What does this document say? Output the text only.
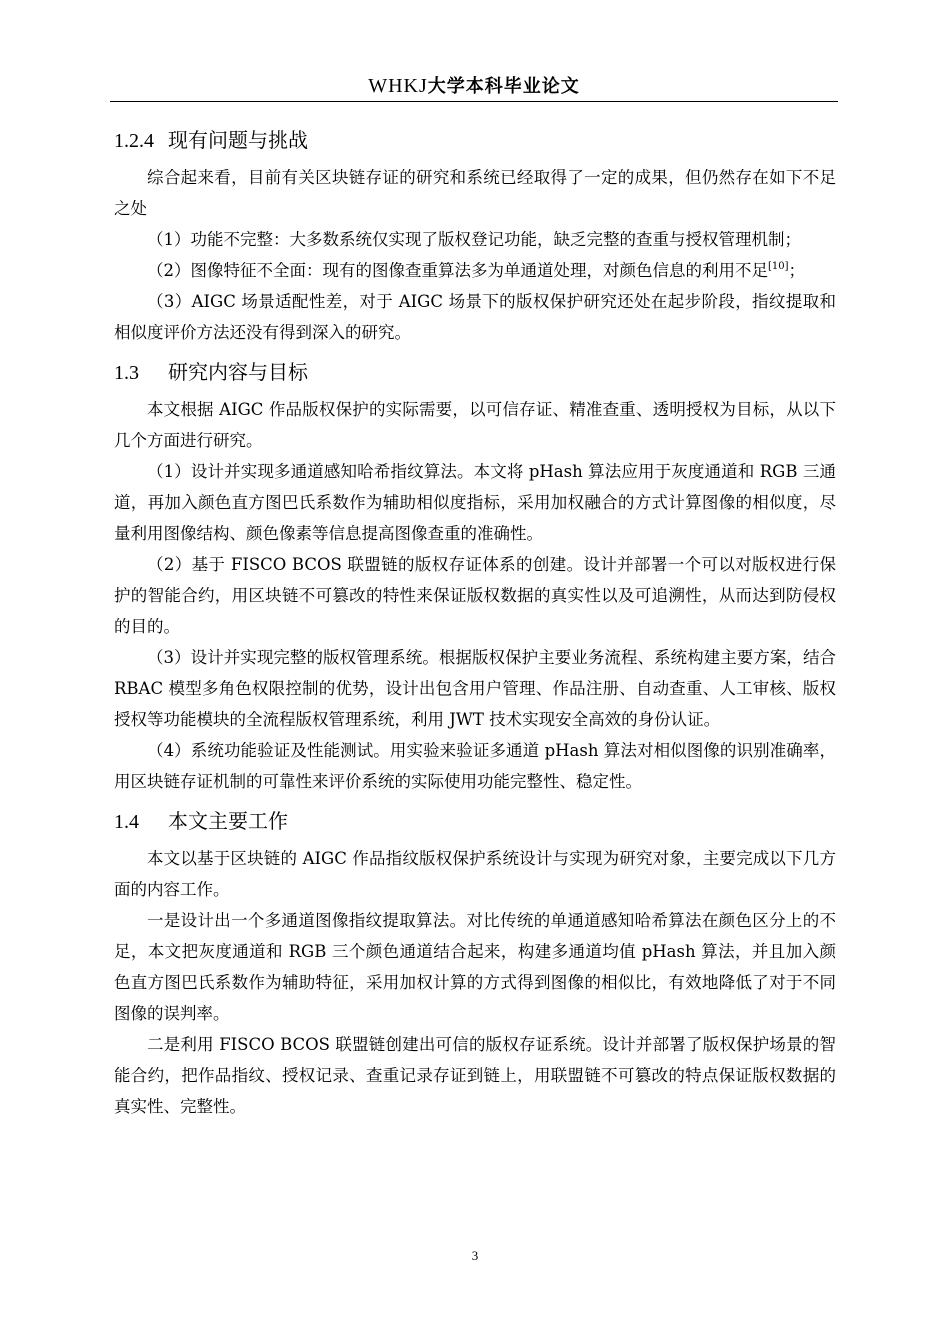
WHKJ大学本科毕业论文
1.2.4 现有问题与挑战

综合起来看，目前有关区块链存证的研究和系统已经取得了一定的成果，但仍然存在如下不足之处

（1）功能不完整：大多数系统仅实现了版权登记功能，缺乏完整的查重与授权管理机制；

（2）图像特征不全面：现有的图像查重算法多为单通道处理，对颜色信息的利用不足[10]；

（3）AIGC 场景适配性差，对于 AIGC 场景下的版权保护研究还处在起步阶段，指纹提取和相似度评价方法还没有得到深入的研究。

1.3 研究内容与目标

本文根据 AIGC 作品版权保护的实际需要，以可信存证、精准查重、透明授权为目标，从以下几个方面进行研究。

（1）设计并实现多通道感知哈希指纹算法。本文将 pHash 算法应用于灰度通道和 RGB 三通道，再加入颜色直方图巴氏系数作为辅助相似度指标，采用加权融合的方式计算图像的相似度，尽量利用图像结构、颜色像素等信息提高图像查重的准确性。

（2）基于 FISCO BCOS 联盟链的版权存证体系的创建。设计并部署一个可以对版权进行保护的智能合约，用区块链不可篡改的特性来保证版权数据的真实性以及可追溯性，从而达到防侵权的目的。

（3）设计并实现完整的版权管理系统。根据版权保护主要业务流程、系统构建主要方案，结合 RBAC 模型多角色权限控制的优势，设计出包含用户管理、作品注册、自动查重、人工审核、版权授权等功能模块的全流程版权管理系统，利用 JWT 技术实现安全高效的身份认证。

（4）系统功能验证及性能测试。用实验来验证多通道 pHash 算法对相似图像的识别准确率，用区块链存证机制的可靠性来评价系统的实际使用功能完整性、稳定性。

1.4 本文主要工作

本文以基于区块链的 AIGC 作品指纹版权保护系统设计与实现为研究对象，主要完成以下几方面的内容工作。

一是设计出一个多通道图像指纹提取算法。对比传统的单通道感知哈希算法在颜色区分上的不足，本文把灰度通道和 RGB 三个颜色通道结合起来，构建多通道均值 pHash 算法，并且加入颜色直方图巴氏系数作为辅助特征，采用加权计算的方式得到图像的相似比，有效地降低了对于不同图像的误判率。

二是利用 FISCO BCOS 联盟链创建出可信的版权存证系统。设计并部署了版权保护场景的智能合约，把作品指纹、授权记录、查重记录存证到链上，用联盟链不可篡改的特点保证版权数据的真实性、完整性。

3
